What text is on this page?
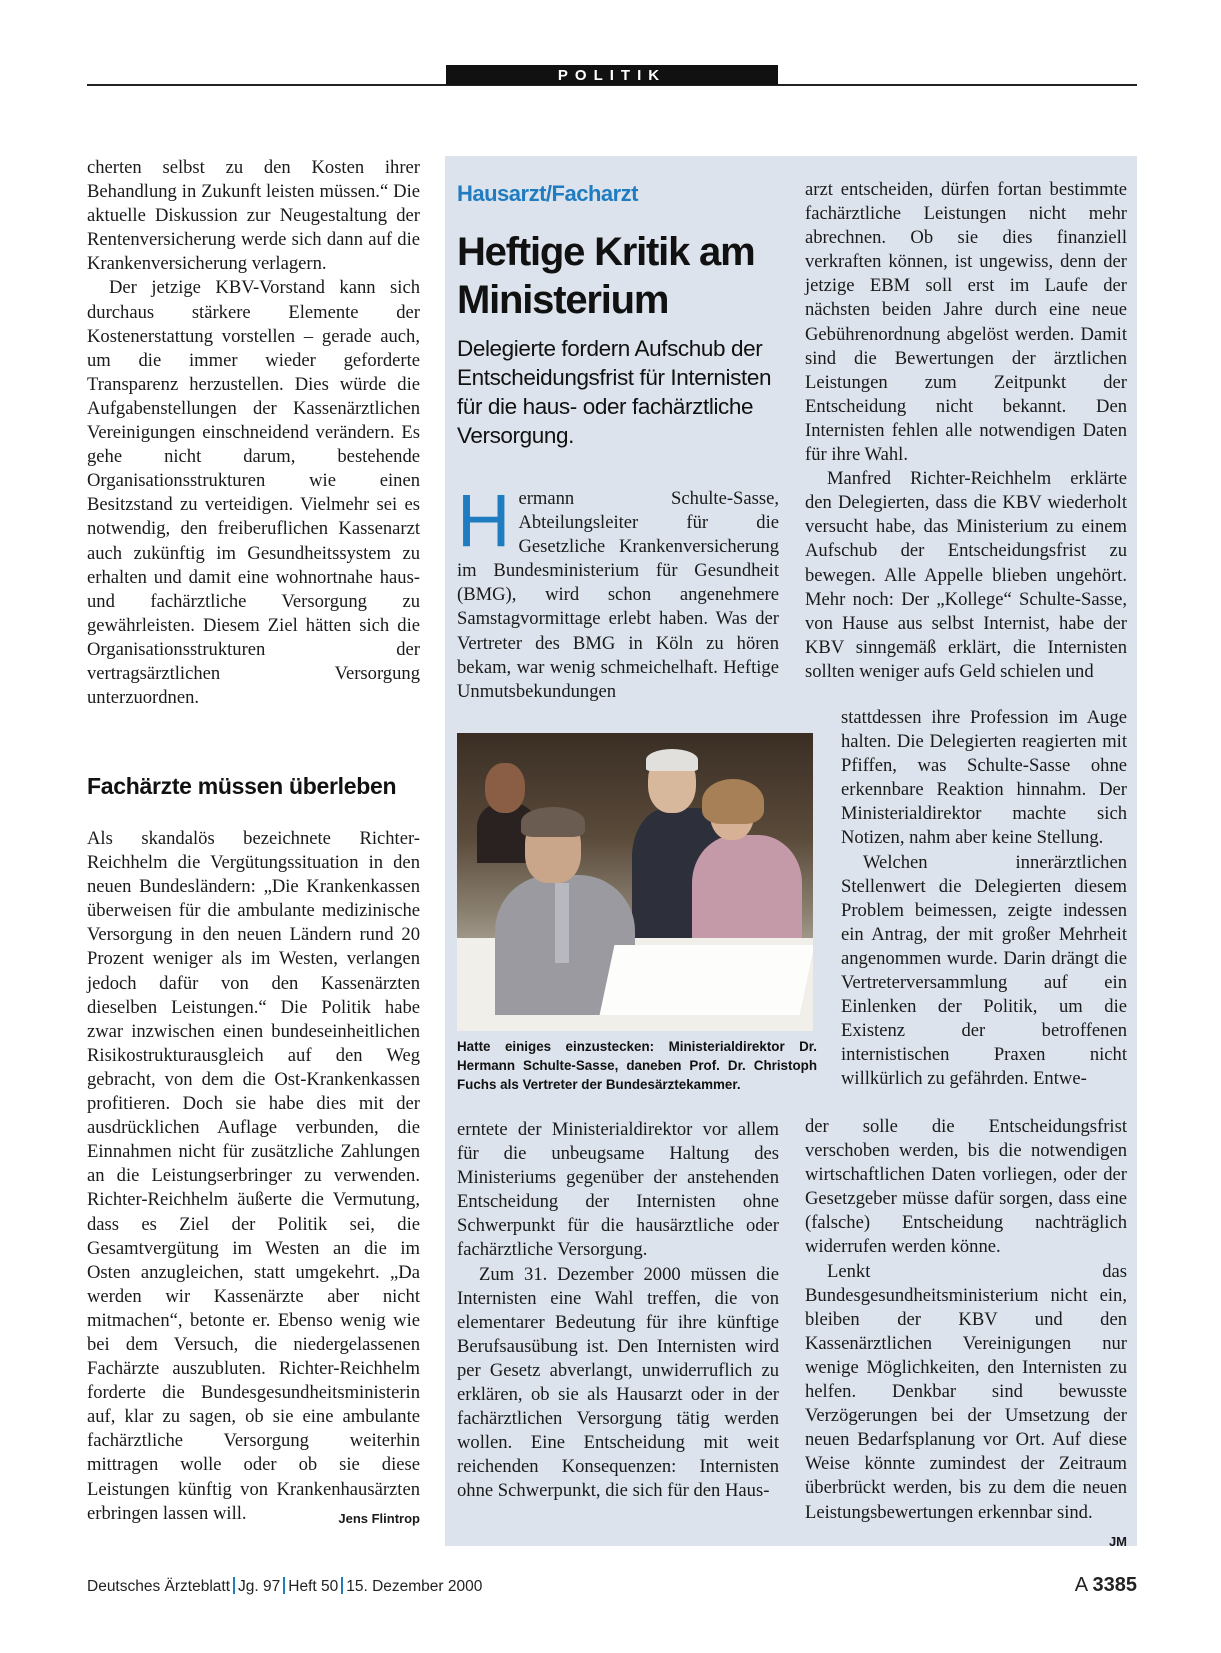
POLITIK

cherten selbst zu den Kosten ihrer Behandlung in Zukunft leisten müssen.“ Die aktuelle Diskussion zur Neugestaltung der Rentenversicherung werde sich dann auf die Krankenversicherung verlagern.

Der jetzige KBV-Vorstand kann sich durchaus stärkere Elemente der Kostenerstattung vorstellen – gerade auch, um die immer wieder geforderte Transparenz herzustellen. Dies würde die Aufgabenstellungen der Kassenärztlichen Vereinigungen einschneidend verändern. Es gehe nicht darum, bestehende Organisationsstrukturen wie einen Besitzstand zu verteidigen. Vielmehr sei es notwendig, den freiberuflichen Kassenarzt auch zukünftig im Gesundheitssystem zu erhalten und damit eine wohnortnahe haus- und fachärztliche Versorgung zu gewährleisten. Diesem Ziel hätten sich die Organisationsstrukturen der vertragsärztlichen Versorgung unterzuordnen.

Fachärzte müssen überleben

Als skandalös bezeichnete Richter-Reichhelm die Vergütungssituation in den neuen Bundesländern: „Die Krankenkassen überweisen für die ambulante medizinische Versorgung in den neuen Ländern rund 20 Prozent weniger als im Westen, verlangen jedoch dafür von den Kassenärzten dieselben Leistungen.“ Die Politik habe zwar inzwischen einen bundeseinheitlichen Risikostrukturausgleich auf den Weg gebracht, von dem die Ost-Krankenkassen profitieren. Doch sie habe dies mit der ausdrücklichen Auflage verbunden, die Einnahmen nicht für zusätzliche Zahlungen an die Leistungserbringer zu verwenden. Richter-Reichhelm äußerte die Vermutung, dass es Ziel der Politik sei, die Gesamtvergütung im Westen an die im Osten anzugleichen, statt umgekehrt. „Da werden wir Kassenärzte aber nicht mitmachen“, betonte er. Ebenso wenig wie bei dem Versuch, die niedergelassenen Fachärzte auszubluten. Richter-Reichhelm forderte die Bundesgesundheitsministerin auf, klar zu sagen, ob sie eine ambulante fachärztliche Versorgung weiterhin mittragen wolle oder ob sie diese Leistungen künftig von Krankenhausärzten erbringen lassen will.	Jens Flintrop

Hausarzt/Facharzt
Heftige Kritik am Ministerium
Delegierte fordern Aufschub der Entscheidungsfrist für Internisten für die haus- oder fachärztliche Versorgung.

Hermann Schulte-Sasse, Abteilungsleiter für die Gesetzliche Krankenversicherung im Bundesministerium für Gesundheit (BMG), wird schon angenehmere Samstagvormittage erlebt haben. Was der Vertreter des BMG in Köln zu hören bekam, war wenig schmeichelhaft. Heftige Unmutsbekundungen

Hatte einiges einzustecken: Ministerialdirektor Dr. Hermann Schulte-Sasse, daneben Prof. Dr. Christoph Fuchs als Vertreter der Bundesärztekammer.

erntete der Ministerialdirektor vor allem für die unbeugsame Haltung des Ministeriums gegenüber der anstehenden Entscheidung der Internisten ohne Schwerpunkt für die hausärztliche oder fachärztliche Versorgung.

Zum 31. Dezember 2000 müssen die Internisten eine Wahl treffen, die von elementarer Bedeutung für ihre künftige Berufsausübung ist. Den Internisten wird per Gesetz abverlangt, unwiderruflich zu erklären, ob sie als Hausarzt oder in der fachärztlichen Versorgung tätig werden wollen. Eine Entscheidung mit weit reichenden Konsequenzen: Internisten ohne Schwerpunkt, die sich für den Haus-

arzt entscheiden, dürfen fortan bestimmte fachärztliche Leistungen nicht mehr abrechnen. Ob sie dies finanziell verkraften können, ist ungewiss, denn der jetzige EBM soll erst im Laufe der nächsten beiden Jahre durch eine neue Gebührenordnung abgelöst werden. Damit sind die Bewertungen der ärztlichen Leistungen zum Zeitpunkt der Entscheidung nicht bekannt. Den Internisten fehlen alle notwendigen Daten für ihre Wahl.

Manfred Richter-Reichhelm erklärte den Delegierten, dass die KBV wiederholt versucht habe, das Ministerium zu einem Aufschub der Entscheidungsfrist zu bewegen. Alle Appelle blieben ungehört. Mehr noch: Der „Kollege“ Schulte-Sasse, von Hause aus selbst Internist, habe der KBV sinngemäß erklärt, die Internisten sollten weniger aufs Geld schielen und

stattdessen ihre Profession im Auge halten. Die Delegierten reagierten mit Pfiffen, was Schulte-Sasse ohne erkennbare Reaktion hinnahm. Der Ministerialdirektor machte sich Notizen, nahm aber keine Stellung.

Welchen innerärztlichen Stellenwert die Delegierten diesem Problem beimessen, zeigte indessen ein Antrag, der mit großer Mehrheit angenommen wurde. Darin drängt die Vertreterversammlung auf ein Einlenken der Politik, um die Existenz der betroffenen internistischen Praxen nicht willkürlich zu gefährden. Entwe-

der solle die Entscheidungsfrist verschoben werden, bis die notwendigen wirtschaftlichen Daten vorliegen, oder der Gesetzgeber müsse dafür sorgen, dass eine (falsche) Entscheidung nachträglich widerrufen werden könne.

Lenkt das Bundesgesundheitsministerium nicht ein, bleiben der KBV und den Kassenärztlichen Vereinigungen nur wenige Möglichkeiten, den Internisten zu helfen. Denkbar sind bewusste Verzögerungen bei der Umsetzung der neuen Bedarfsplanung vor Ort. Auf diese Weise könnte zumindest der Zeitraum überbrückt werden, bis zu dem die neuen Leistungsbewertungen erkennbar sind.
JM

Deutsches Ärzteblatt Jg. 97 Heft 50 15. Dezember 2000	A 3385
